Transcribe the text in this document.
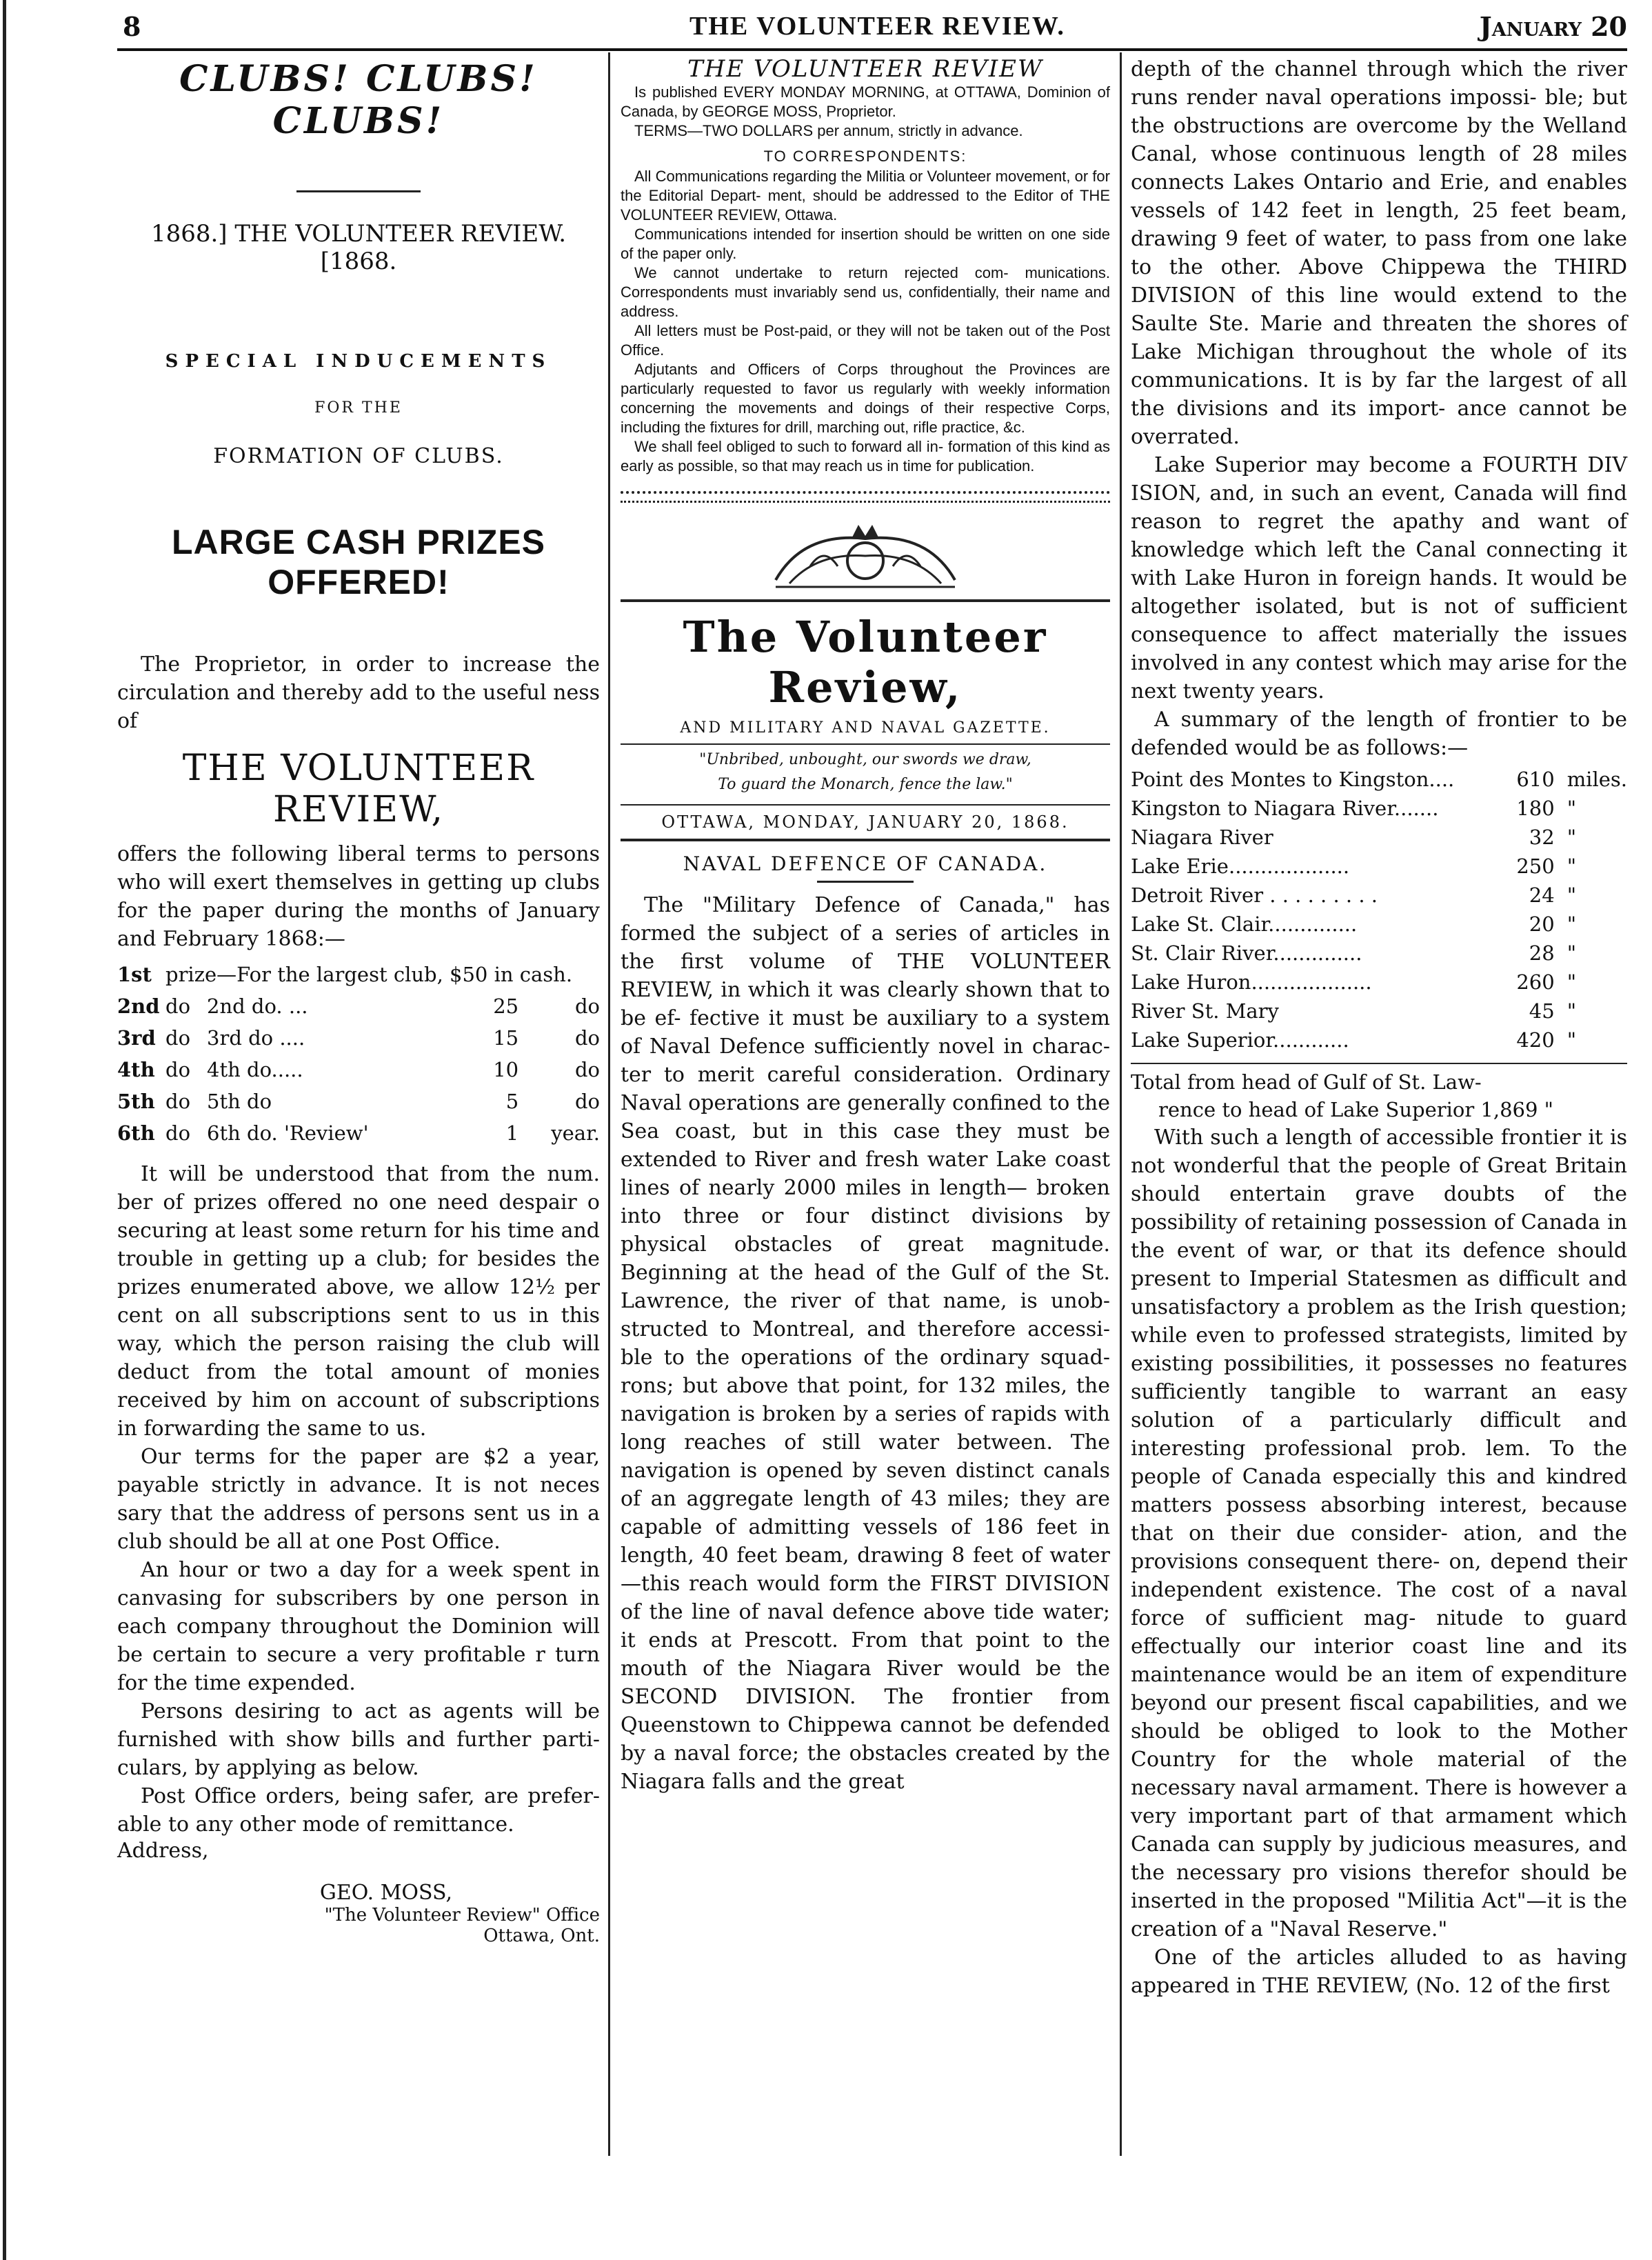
8	THE VOLUNTEER REVIEW.	January 20

CLUBS! CLUBS! CLUBS!

1868.] THE VOLUNTEER REVIEW. [1868.

SPECIAL INDUCEMENTS

FOR THE

FORMATION OF CLUBS.

LARGE CASH PRIZES OFFERED!

The Proprietor, in order to increase the circulation and thereby add to the useful ness of

THE VOLUNTEER REVIEW,

offers the following liberal terms to persons who will exert themselves in getting up clubs for the paper during the months of January and February 1868:—

1st	prize—For the largest club, $50 in cash.			
2nd	do	2nd do. ...	25	do
3rd	do	3rd do ....	15	do
4th	do	4th do.....	10	do
5th	do	5th do	5	do
6th	do	6th do. 'Review'	1	year.

It will be understood that from the num. ber of prizes offered no one need despair o securing at least some return for his time and trouble in getting up a club; for besides the prizes enumerated above, we allow 12½ per cent on all subscriptions sent to us in this way, which the person raising the club will deduct from the total amount of monies received by him on account of subscriptions in forwarding the same to us.

Our terms for the paper are $2 a year, payable strictly in advance. It is not neces sary that the address of persons sent us in a club should be all at one Post Office.

An hour or two a day for a week spent in canvasing for subscribers by one person in each company throughout the Dominion will be certain to secure a very profitable r turn for the time expended.

Persons desiring to act as agents will be furnished with show bills and further parti- culars, by applying as below.

Post Office orders, being safer, are prefer- able to any other mode of remittance.

Address,

GEO. MOSS,

"The Volunteer Review" Office

Ottawa, Ont.

THE VOLUNTEER REVIEW

Is published EVERY MONDAY MORNING, at OTTAWA, Dominion of Canada, by GEORGE MOSS, Proprietor.

TERMS—TWO DOLLARS per annum, strictly in advance.

TO CORRESPONDENTS:

All Communications regarding the Militia or Volunteer movement, or for the Editorial Depart- ment, should be addressed to the Editor of THE VOLUNTEER REVIEW, Ottawa.

Communications intended for insertion should be written on one side of the paper only.

We cannot undertake to return rejected com- munications. Correspondents must invariably send us, confidentially, their name and address.

All letters must be Post-paid, or they will not be taken out of the Post Office.

Adjutants and Officers of Corps throughout the Provinces are particularly requested to favor us regularly with weekly information concerning the movements and doings of their respective Corps, including the fixtures for drill, marching out, rifle practice, &c.

We shall feel obliged to such to forward all in- formation of this kind as early as possible, so that may reach us in time for publication.

The Volunteer Review,

AND MILITARY AND NAVAL GAZETTE.

"Unbribed, unbought, our swords we draw,

To guard the Monarch, fence the law."

OTTAWA, MONDAY, JANUARY 20, 1868.

NAVAL DEFENCE OF CANADA.

The "Military Defence of Canada," has formed the subject of a series of articles in the first volume of THE VOLUNTEER REVIEW, in which it was clearly shown that to be ef- fective it must be auxiliary to a system of Naval Defence sufficiently novel in charac- ter to merit careful consideration. Ordinary Naval operations are generally confined to the Sea coast, but in this case they must be extended to River and fresh water Lake coast lines of nearly 2000 miles in length— broken into three or four distinct divisions by physical obstacles of great magnitude. Beginning at the head of the Gulf of the St. Lawrence, the river of that name, is unob- structed to Montreal, and therefore accessi- ble to the operations of the ordinary squad- rons; but above that point, for 132 miles, the navigation is broken by a series of rapids with long reaches of still water between. The navigation is opened by seven distinct canals of an aggregate length of 43 miles; they are capable of admitting vessels of 186 feet in length, 40 feet beam, drawing 8 feet of water—this reach would form the FIRST DIVISION of the line of naval defence above tide water; it ends at Prescott. From that point to the mouth of the Niagara River would be the SECOND DIVISION. The frontier from Queenstown to Chippewa cannot be defended by a naval force; the obstacles created by the Niagara falls and the great

depth of the channel through which the river runs render naval operations impossi- ble; but the obstructions are overcome by the Welland Canal, whose continuous length of 28 miles connects Lakes Ontario and Erie, and enables vessels of 142 feet in length, 25 feet beam, drawing 9 feet of water, to pass from one lake to the other. Above Chippewa the THIRD DIVISION of this line would extend to the Saulte Ste. Marie and threaten the shores of Lake Michigan throughout the whole of its communications. It is by far the largest of all the divisions and its import- ance cannot be overrated.

Lake Superior may become a FOURTH DIV ISION, and, in such an event, Canada will find reason to regret the apathy and want of knowledge which left the Canal connecting it with Lake Huron in foreign hands. It would be altogether isolated, but is not of sufficient consequence to affect materially the issues involved in any contest which may arise for the next twenty years.

A summary of the length of frontier to be defended would be as follows:—

Point des Montes to Kingston....	610	miles.
Kingston to Niagara River.......	180	"
Niagara River	32	"
Lake Erie...................	250	"
Detroit River . . . . . . . . .	24	"
Lake St. Clair..............	20	"
St. Clair River..............	28	"
Lake Huron...................	260	"
River St. Mary	45	"
Lake Superior............	420	"

Total from head of Gulf of St. Law-

rence to head of Lake Superior 1,869 "

With such a length of accessible frontier it is not wonderful that the people of Great Britain should entertain grave doubts of the possibility of retaining possession of Canada in the event of war, or that its defence should present to Imperial Statesmen as difficult and unsatisfactory a problem as the Irish question; while even to professed strategists, limited by existing possibilities, it possesses no features sufficiently tangible to warrant an easy solution of a particularly difficult and interesting professional prob. lem. To the people of Canada especially this and kindred matters possess absorbing interest, because that on their due consider- ation, and the provisions consequent there- on, depend their independent existence. The cost of a naval force of sufficient mag- nitude to guard effectually our interior coast line and its maintenance would be an item of expenditure beyond our present fiscal capabilities, and we should be obliged to look to the Mother Country for the whole material of the necessary naval armament. There is however a very important part of that armament which Canada can supply by judicious measures, and the necessary pro visions therefor should be inserted in the proposed "Militia Act"—it is the creation of a "Naval Reserve."

One of the articles alluded to as having appeared in THE REVIEW, (No. 12 of the first
